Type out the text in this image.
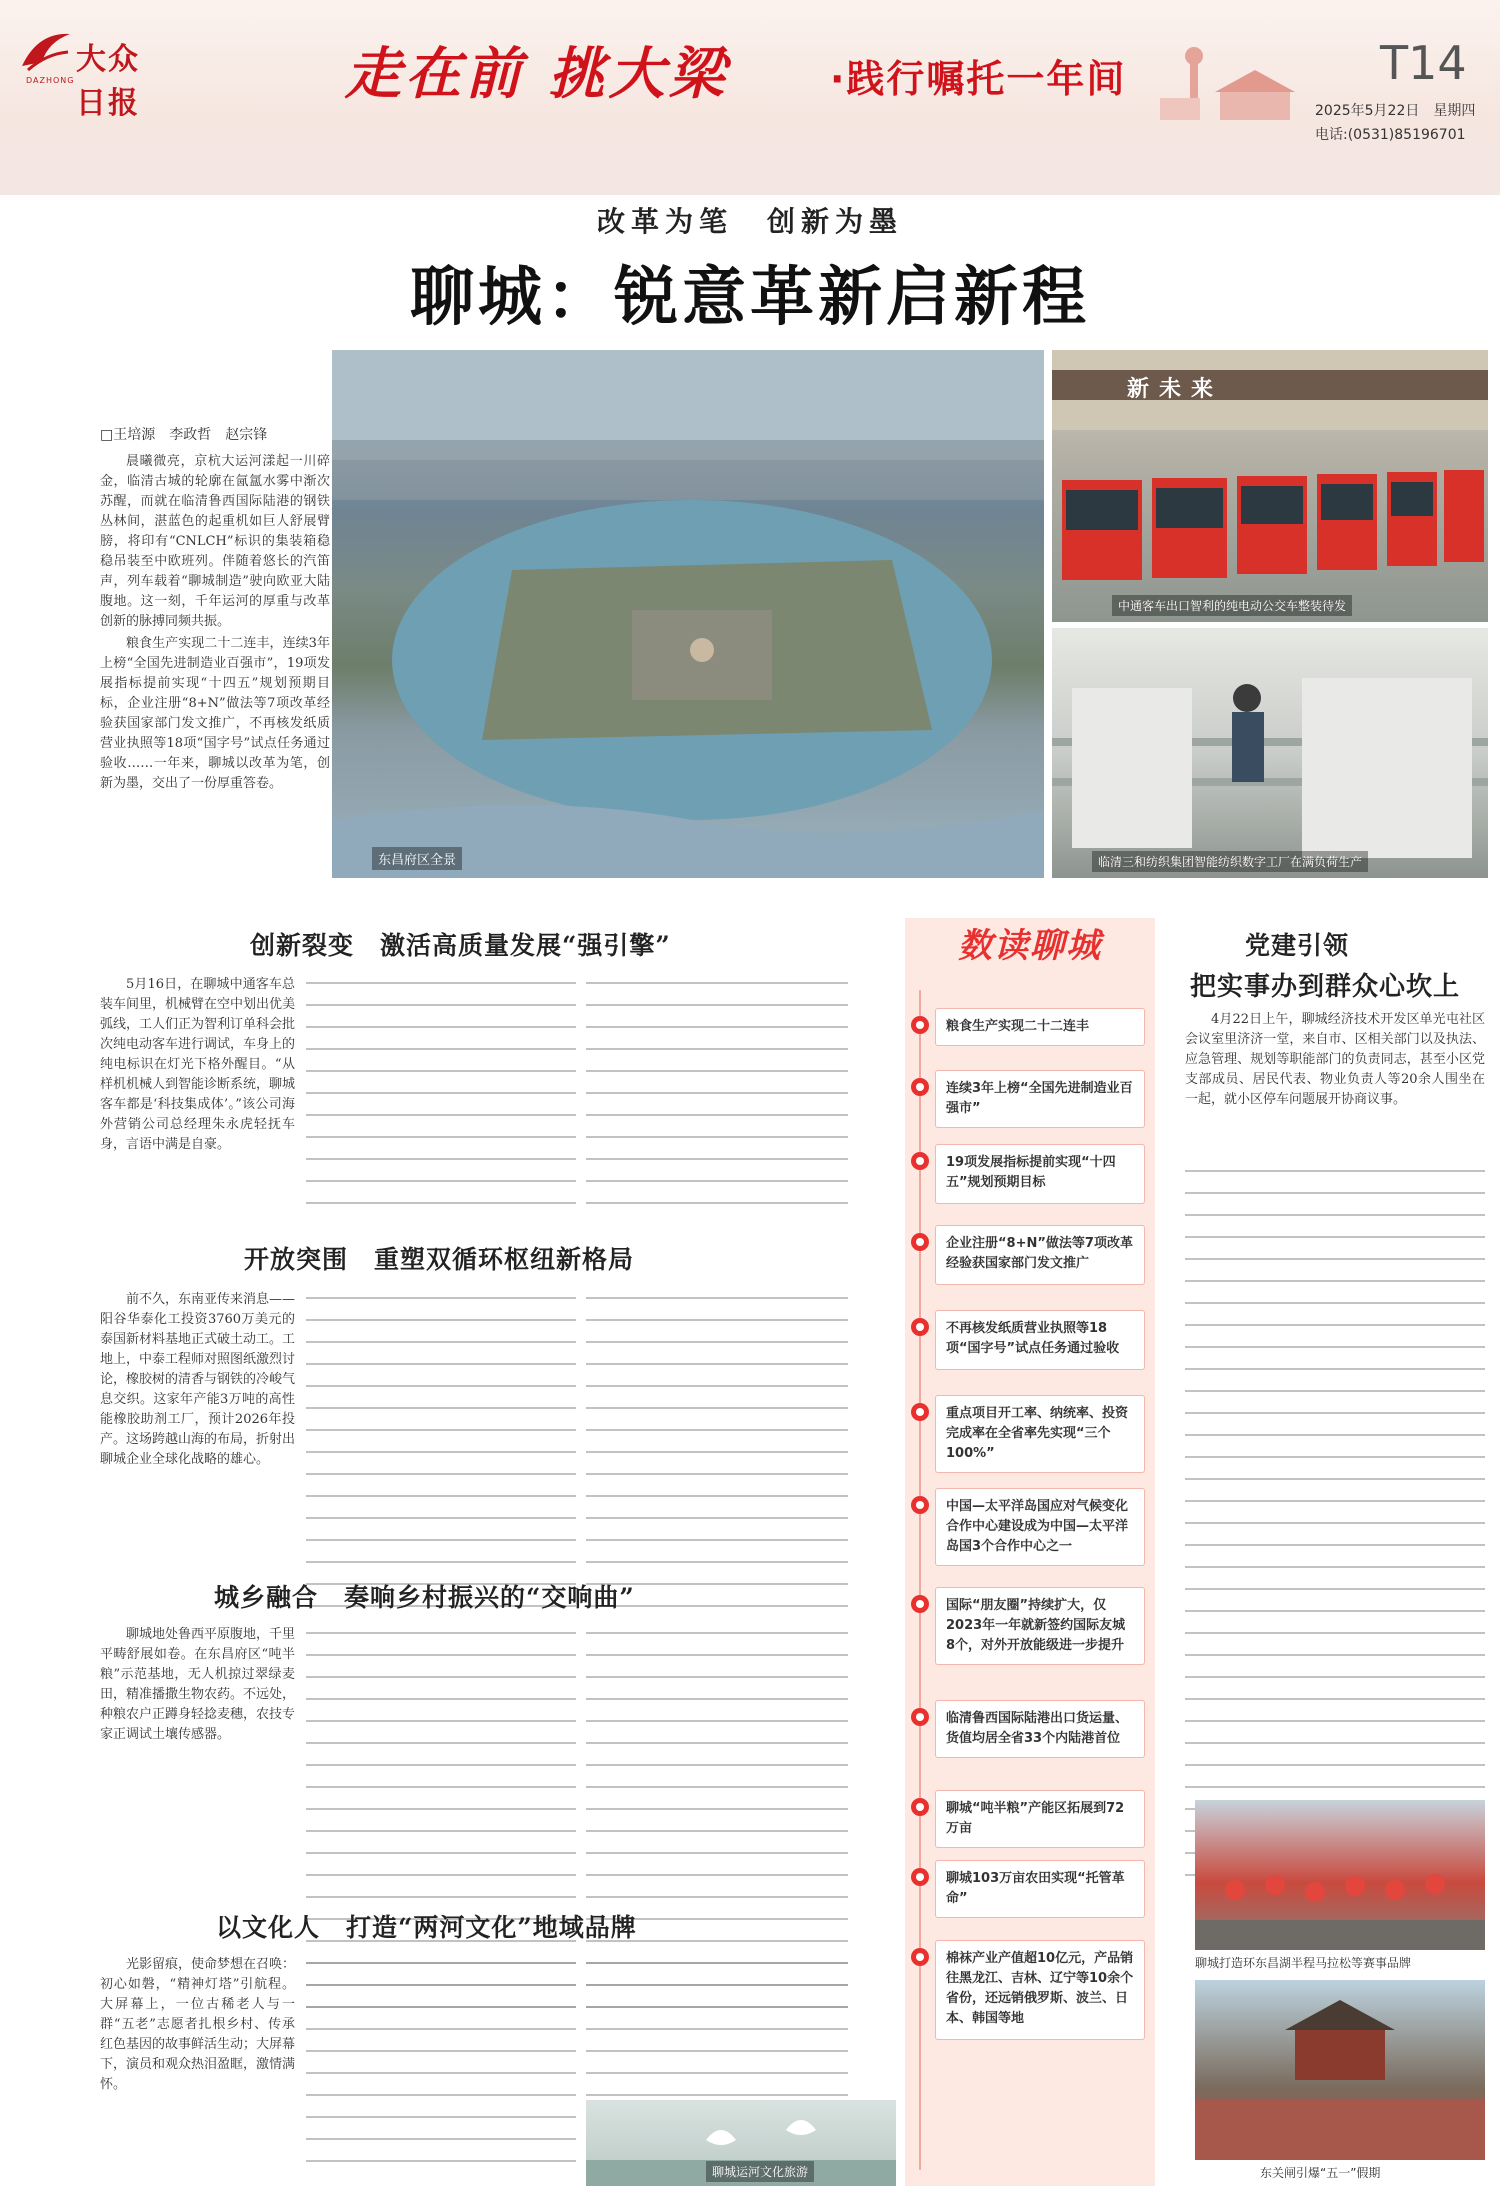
大众日报
DAZHONG	走在前 挑大梁	·践行嘱托一年间	T14
2025年5月22日　星期四
电话:(0531)85196701
改革为笔　创新为墨
聊城：锐意革新启新程
□王培源　李政哲　赵宗锋

晨曦微亮，京杭大运河漾起一川碎金，临清古城的轮廓在氤氲水雾中渐次苏醒，而就在临清鲁西国际陆港的钢铁丛林间，湛蓝色的起重机如巨人舒展臂膀，将印有“CNLCH”标识的集装箱稳稳吊装至中欧班列。伴随着悠长的汽笛声，列车载着“聊城制造”驶向欧亚大陆腹地。这一刻，千年运河的厚重与改革创新的脉搏同频共振。

粮食生产实现二十二连丰，连续3年上榜“全国先进制造业百强市”，19项发展指标提前实现“十四五”规划预期目标，企业注册“8+N”做法等7项改革经验获国家部门发文推广，不再核发纸质营业执照等18项“国字号”试点任务通过验收……一年来，聊城以改革为笔，创新为墨，交出了一份厚重答卷。

东昌府区全景
新未来
中通客车出口智利的纯电动公交车整装待发
临清三和纺织集团智能纺织数字工厂在满负荷生产
创新裂变　激活高质量发展“强引擎”

5月16日，在聊城中通客车总装车间里，机械臂在空中划出优美弧线，工人们正为智利订单科会批次纯电动客车进行调试，车身上的纯电标识在灯光下格外醒目。“从样机机械人到智能诊断系统，聊城客车都是‘科技集成体’。”该公司海外营销公司总经理朱永虎轻抚车身，言语中满是自豪。

开放突围　重塑双循环枢纽新格局

前不久，东南亚传来消息——阳谷华泰化工投资3760万美元的泰国新材料基地正式破土动工。工地上，中泰工程师对照图纸激烈讨论，橡胶树的清香与钢铁的冷峻气息交织。这家年产能3万吨的高性能橡胶助剂工厂，预计2026年投产。这场跨越山海的布局，折射出聊城企业全球化战略的雄心。

城乡融合　奏响乡村振兴的“交响曲”

聊城地处鲁西平原腹地，千里平畴舒展如卷。在东昌府区“吨半粮”示范基地，无人机掠过翠绿麦田，精准播撒生物农药。不远处，种粮农户正蹲身轻捻麦穗，农技专家正调试土壤传感器。

以文化人　打造“两河文化”地域品牌

光影留痕，使命梦想在召唤：初心如磐，“精神灯塔”引航程。大屏幕上，一位古稀老人与一群“五老”志愿者扎根乡村、传承红色基因的故事鲜活生动；大屏幕下，演员和观众热泪盈眶，激情满怀。

聊城运河文化旅游
数读聊城
粮食生产实现二十二连丰
连续3年上榜“全国先进制造业百强市”
19项发展指标提前实现“十四五”规划预期目标
企业注册“8+N”做法等7项改革经验获国家部门发文推广
不再核发纸质营业执照等18项“国字号”试点任务通过验收
重点项目开工率、纳统率、投资完成率在全省率先实现“三个100%”
中国—太平洋岛国应对气候变化合作中心建设成为中国—太平洋岛国3个合作中心之一
国际“朋友圈”持续扩大，仅2023年一年就新签约国际友城8个，对外开放能级进一步提升
临清鲁西国际陆港出口货运量、货值均居全省33个内陆港首位
聊城“吨半粮”产能区拓展到72万亩
聊城103万亩农田实现“托管革命”
棉袜产业产值超10亿元，产品销往黑龙江、吉林、辽宁等10余个省份，还远销俄罗斯、波兰、日本、韩国等地
党建引领
把实事办到群众心坎上

4月22日上午，聊城经济技术开发区单光屯社区会议室里济济一堂，来自市、区相关部门以及执法、应急管理、规划等职能部门的负责同志，甚至小区党支部成员、居民代表、物业负责人等20余人围坐在一起，就小区停车问题展开协商议事。

聊城打造环东昌湖半程马拉松等赛事品牌
东关闸引爆“五一”假期
